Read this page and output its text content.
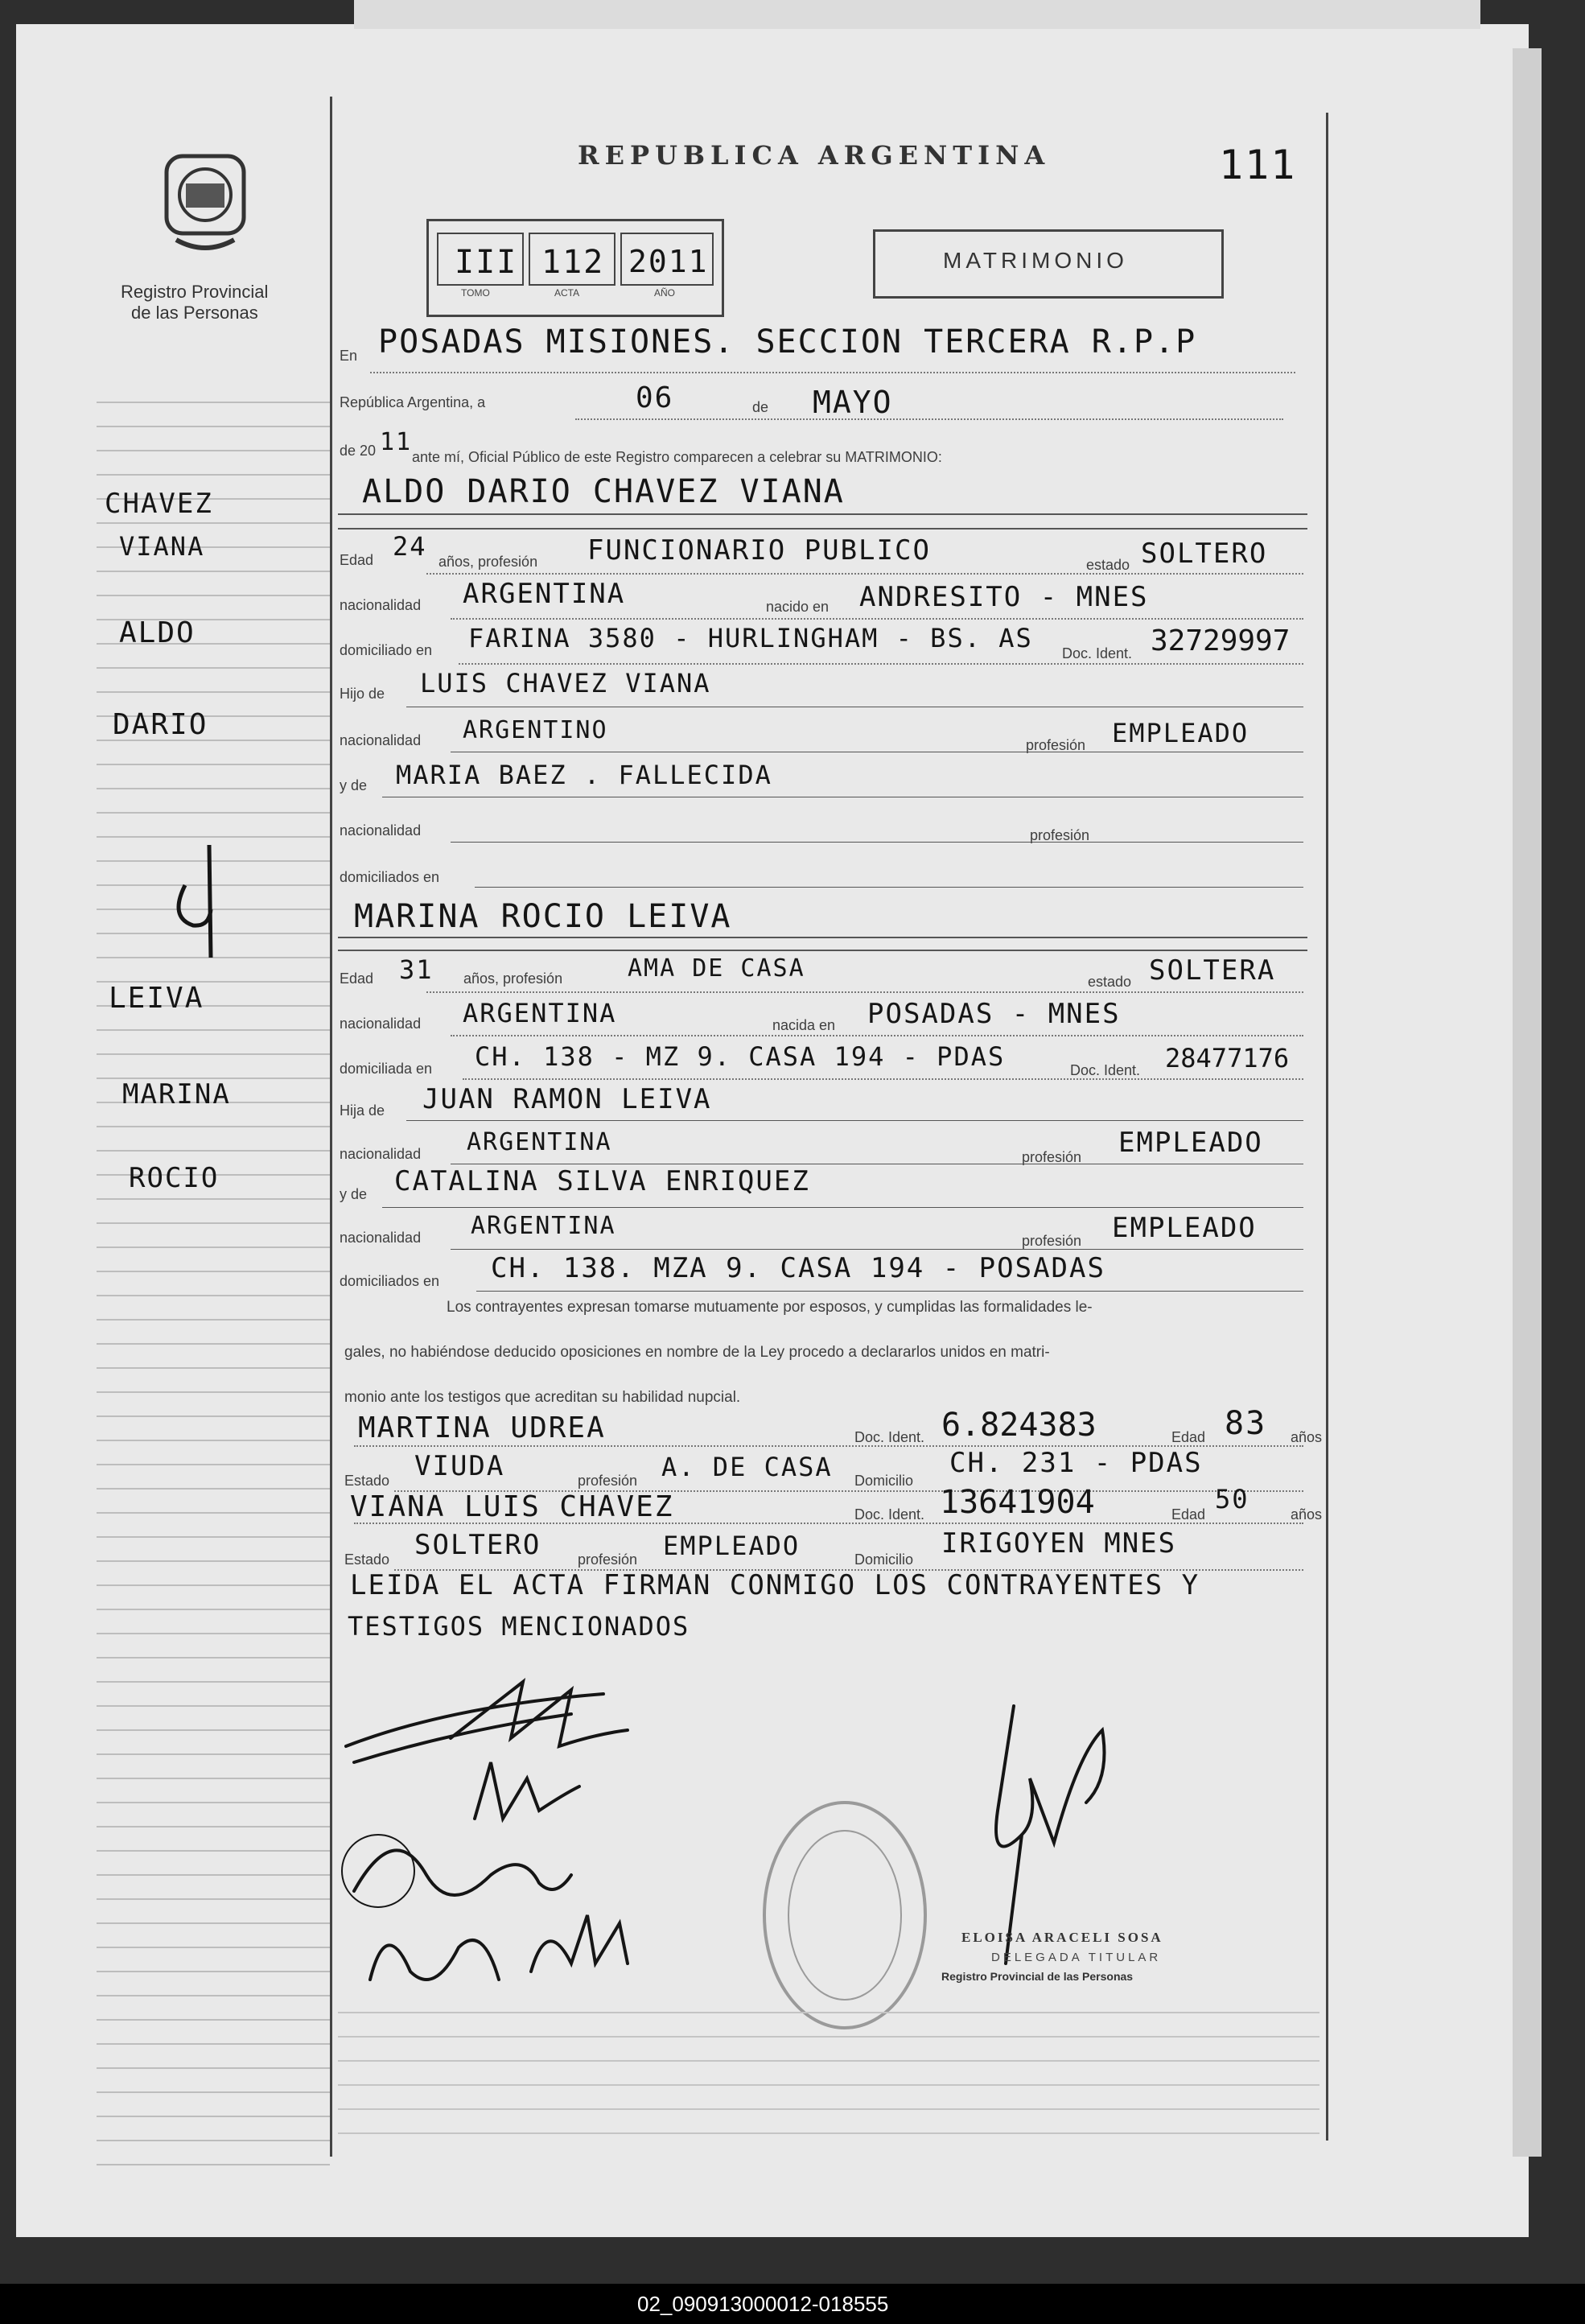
Registro Provincial
de las Personas
REPUBLICA ARGENTINA	111
III 112 2011
TOMO	ACTA	AÑO
MATRIMONIO
En POSADAS MISIONES. SECCION TERCERA R.P.P
República Argentina, a	06	de MAYO
de 20 11
ante mí, Oficial Público de este Registro comparecen a celebrar su MATRIMONIO:
ALDO DARIO CHAVEZ VIANA
Edad 24 años, profesión FUNCIONARIO PUBLICO	estado SOLTERO
nacionalidad ARGENTINA	nacido en ANDRESITO - MNES
domiciliado en FARINA 3580 - HURLINGHAM - BS. AS Doc. Ident. 32729997
Hijo de LUIS CHAVEZ VIANA
nacionalidad ARGENTINO
profesión EMPLEADO
y de MARIA BAEZ . FALLECIDA
nacionalidad	profesión
domiciliados en
MARINA ROCIO LEIVA
Edad 31 años, profesión	AMA DE CASA	estado SOLTERA
nacionalidad ARGENTINA	nacida en POSADAS - MNES
domiciliada en CH. 138 - MZ 9. CASA 194 - PDAS	Doc. Ident. 28477176
Hija de JUAN RAMON LEIVA
nacionalidad ARGENTINA
profesión EMPLEADO
y de CATALINA SILVA ENRIQUEZ
nacionalidad ARGENTINA
profesión EMPLEADO
domiciliados en CH. 138. MZA 9. CASA 194 - POSADAS
Los contrayentes expresan tomarse mutuamente por esposos, y cumplidas las formalidades le-
gales, no habiéndose deducido oposiciones en nombre de la Ley procedo a declararlos unidos en matri-
monio ante los testigos que acreditan su habilidad nupcial.
MARTINA UDREA	Doc. Ident. 6.824383	Edad 83 años
Estado VIUDA	profesión A. DE CASA Domicilio
CH. 231 - PDAS
VIANA LUIS CHAVEZ	Doc. Ident. 13641904	Edad 50	años
Estado SOLTERO	profesión EMPLEADO	Domicilio IRIGOYEN MNES
LEIDA EL ACTA FIRMAN CONMIGO LOS CONTRAYENTES Y
TESTIGOS MENCIONADOS
ELOISA ARACELI SOSA
DELEGADA TITULAR
Registro Provincial de las Personas
CHAVEZ
VIANA
ALDO
DARIO
LEIVA
MARINA
ROCIO
02_090913000012-018555
